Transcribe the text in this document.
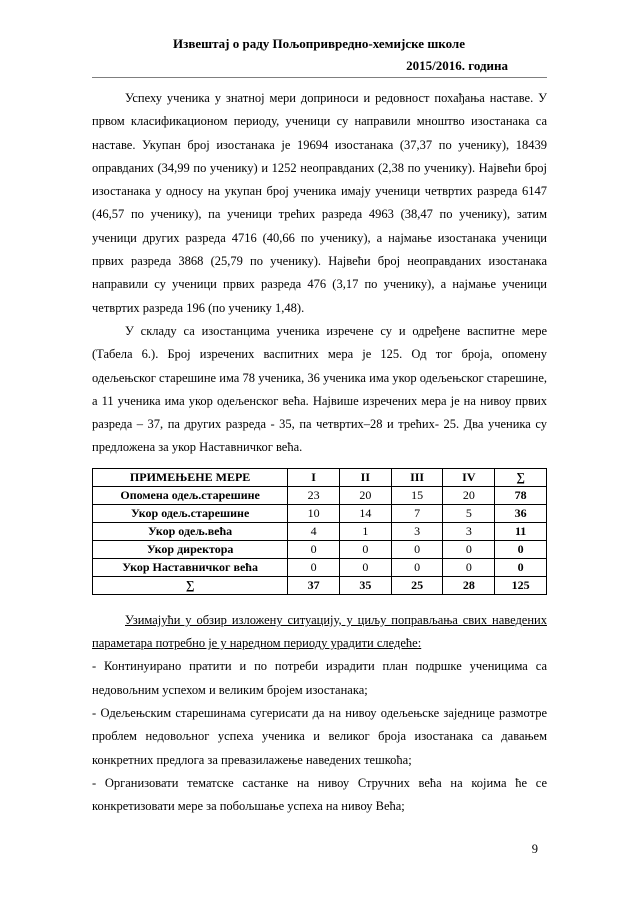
Извештај о раду Пољопривредно-хемијске школе
2015/2016. година

Успеху ученика у знатној мери доприноси и редовност похађања наставе. У првом класификационом периоду, ученици су направили мноштво изостанака са наставе. Укупан број изостанака је 19694 изостанака (37,37 по ученику), 18439 оправданих (34,99 по ученику) и 1252 неоправданих (2,38 по ученику). Највећи број изостанака у односу на укупан број ученика имају ученици четвртих разреда 6147 (46,57 по ученику), па ученици трећих разреда 4963 (38,47 по ученику), затим ученици других разреда 4716 (40,66 по ученику), а најмање изостанака ученици првих разреда 3868 (25,79 по ученику). Највећи број неоправданих изостанака направили су ученици првих разреда 476 (3,17 по ученику), а најмање ученици четвртих разреда 196 (по ученику 1,48).

У складу са изостанцима ученика изречене су и одређене васпитне мере (Табела 6.). Број изречених васпитних мера је 125. Од тог броја, опомену одељењског старешине има 78 ученика, 36 ученика има укор одељењског старешине, а 11 ученика има укор одељенског већа. Највише изречених мера је на нивоу првих разреда – 37, па других разреда - 35, па четвртих–28 и трећих- 25. Два ученика су предложена за укор Наставничког већа.

ПРИМЕЊЕНЕ МЕРЕ	I	II	III	IV	∑
Опомена одељ.старешине	23	20	15	20	78
Укор одељ.старешине	10	14	7	5	36
Укор одељ.већа	4	1	3	3	11
Укор директора	0	0	0	0	0
Укор Наставничког већа	0	0	0	0	0
∑	37	35	25	28	125

Узимајући у обзир изложену ситуацију, у циљу поправљања свих наведених параметара потребно је у наредном периоду урадити следеће:

- Континуирано пратити и по потреби израдити план подршке ученицима са недовољним успехом и великим бројем изостанака;

- Одељењским старешинама сугерисати да на нивоу одељењске заједнице размотре проблем недовољног успеха ученика и великог броја изостанака са давањем конкретних предлога за превазилажење наведених тешкоћа;

- Организовати тематске састанке на нивоу Стручних већа на којима ће се конкретизовати мере за побољшање успеха на нивоу Већа;

9
